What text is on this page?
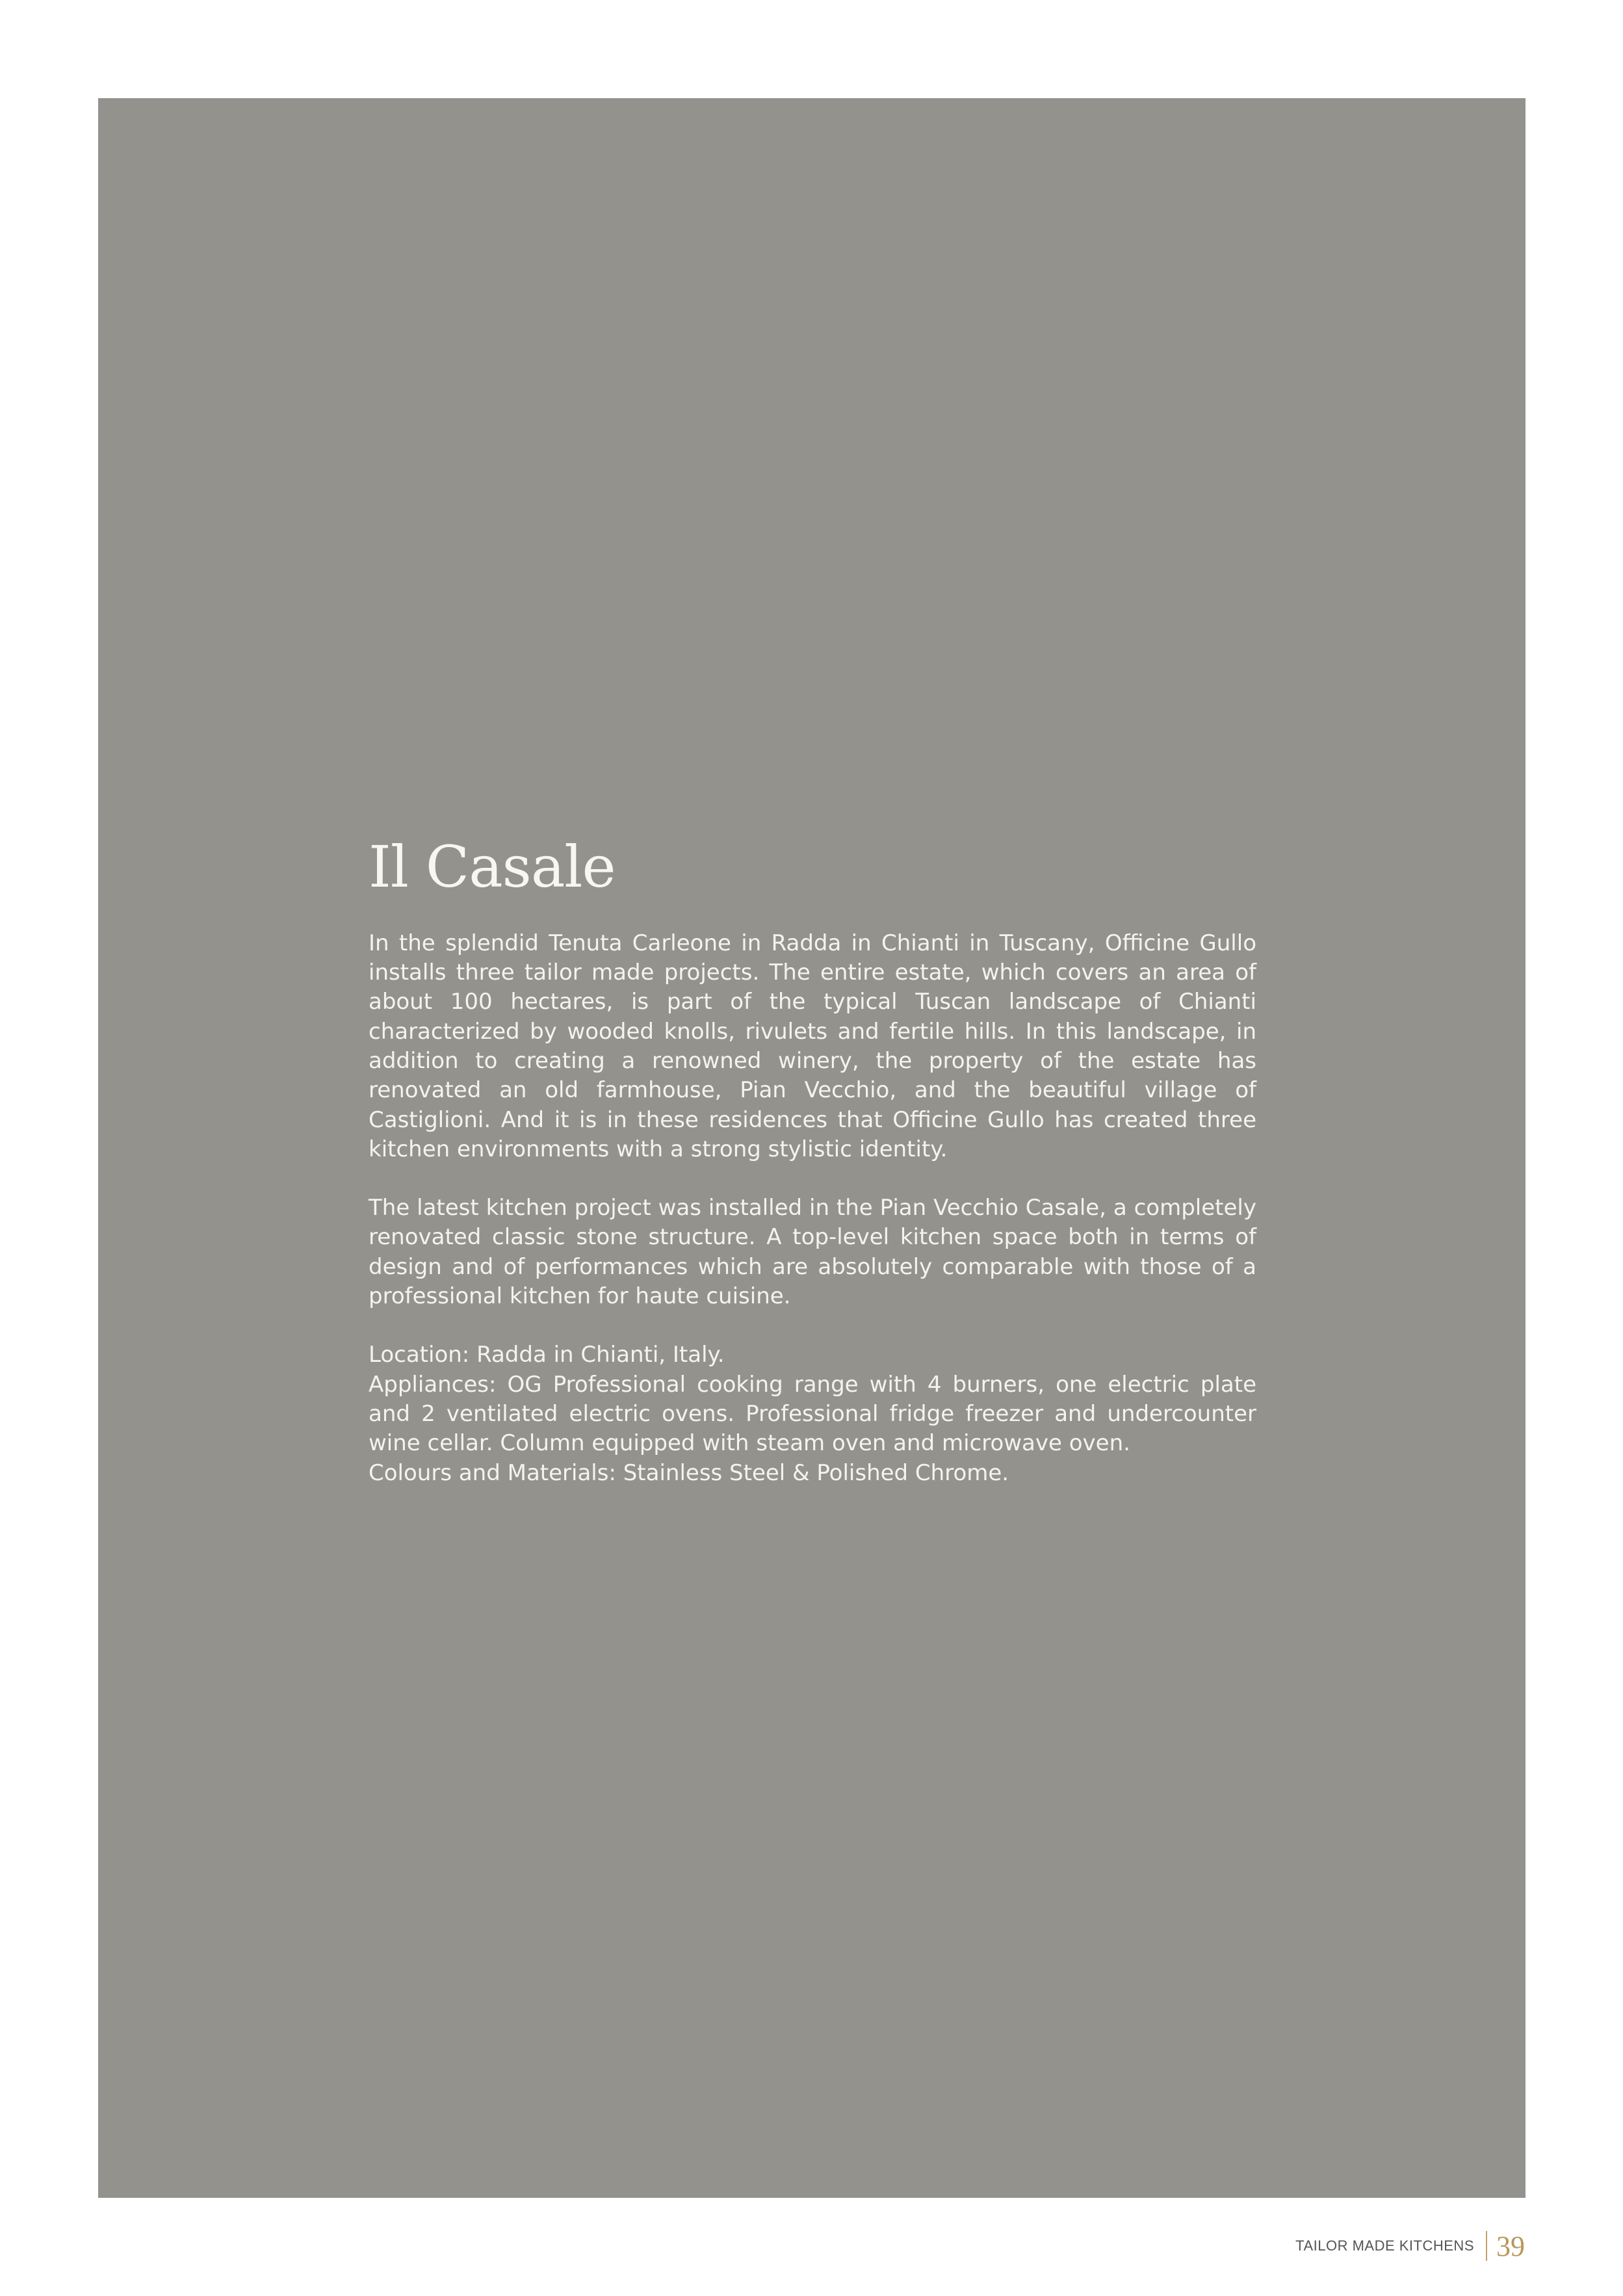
Il Casale

In the splendid Tenuta Carleone in Radda in Chianti in Tuscany, Officine Gullo installs three tailor made projects. The entire estate, which covers an area of about 100 hectares, is part of the typical Tuscan landscape of Chianti characterized by wooded knolls, rivulets and fertile hills. In this landscape, in addition to creating a renowned winery, the property of the estate has renovated an old farmhouse, Pian Vecchio, and the beautiful village of Castiglioni. And it is in these residences that Officine Gullo has created three kitchen environments with a strong stylistic identity.

The latest kitchen project was installed in the Pian Vecchio Casale, a completely renovated classic stone structure. A top-level kitchen space both in terms of design and of performances which are absolutely comparable with those of a professional kitchen for haute cuisine.

Location: Radda in Chianti, Italy.
Appliances: OG Professional cooking range with 4 burners, one electric plate and 2 ventilated electric ovens. Professional fridge freezer and undercounter wine cellar. Column equipped with steam oven and microwave oven.
Colours and Materials: Stainless Steel & Polished Chrome.
TAILOR MADE KITCHENS 39
